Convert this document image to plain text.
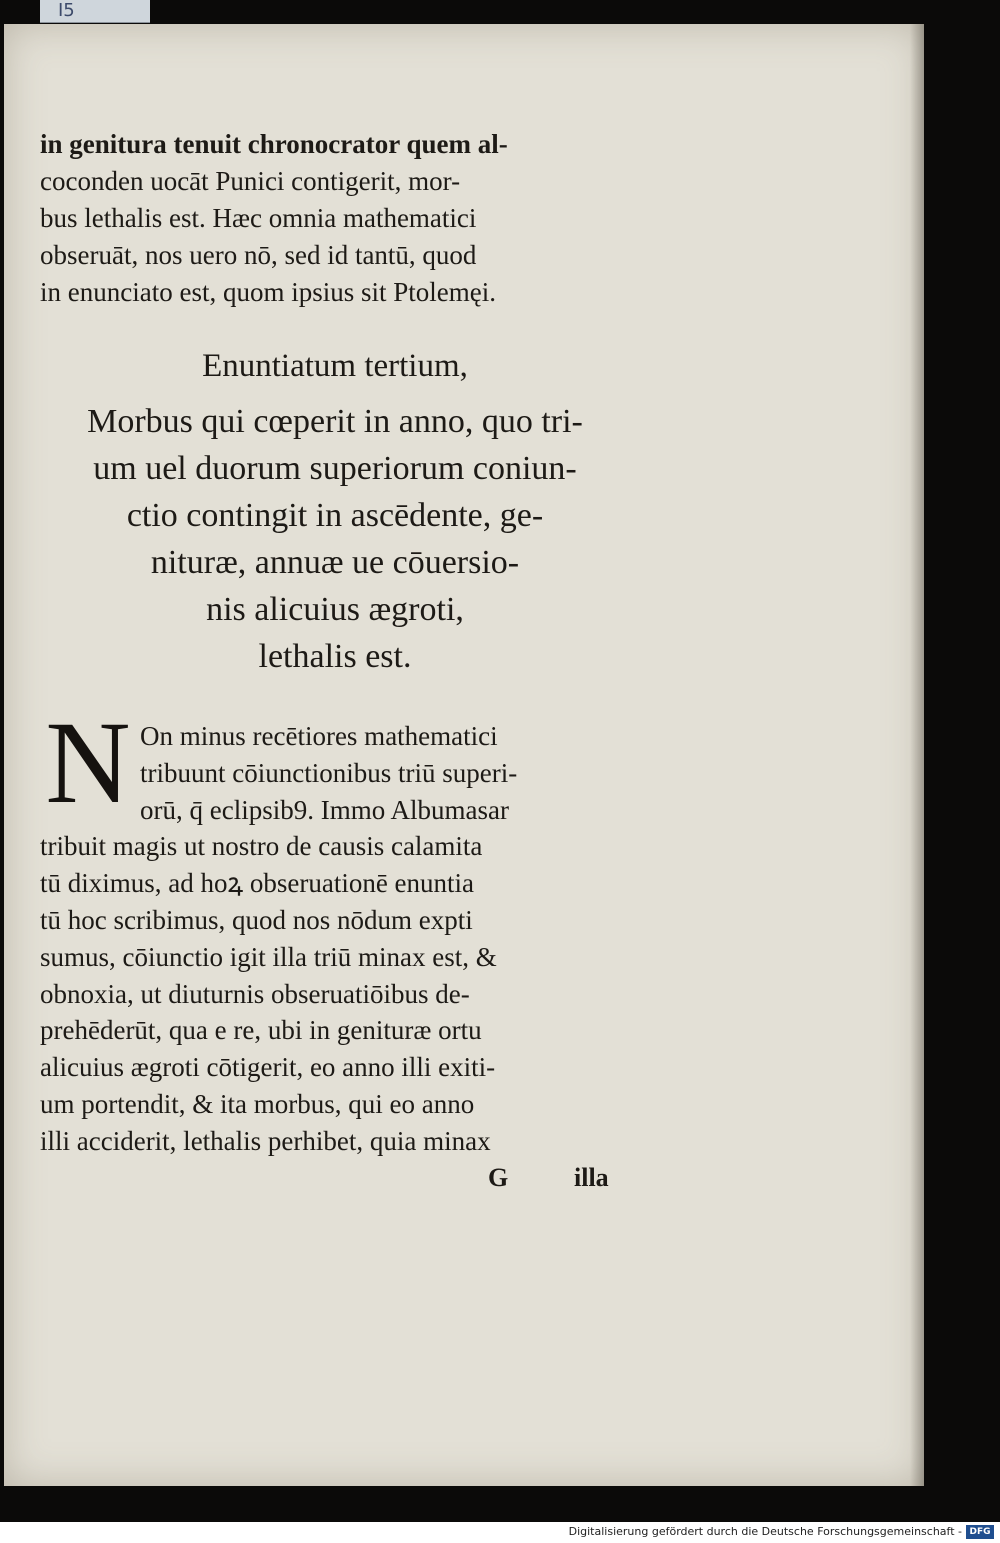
I5
in genitura tenuit chronocrator quem al-
coconden uocāt Punici contigerit, mor-
bus lethalis est. Hæc omnia mathematici
obseruāt, nos uero nō, sed id tantū, quod
in enunciato est, quom ipsius sit Ptolemęi.
Enuntiatum tertium,
Morbus qui cœperit in anno, quo tri-
um uel duorum superiorum coniun-
ctio contingit in ascēdente, ge-
nituræ, annuæ ue cōuersio-
nis alicuius ægroti,
lethalis est.
N On minus recētiores mathematici
tribuunt cōiunctionibus triū superi-
orū, q̄ eclipsib9. Immo Albumasar
tribuit magis ut nostro de causis calamita
tū diximus, ad hoꝝ obseruationē enuntia
tū hoc scribimus, quod nos nōdum expti
sumus, cōiunctio igit illa triū minax est, &
obnoxia, ut diuturnis obseruatiōibus de-
prehēderūt, qua e re, ubi in genituræ ortu
alicuius ægroti cōtigerit, eo anno illi exiti-
um portendit, & ita morbus, qui eo anno
illi acciderit, lethalis perhibet, quia minax
G	illa
Digitalisierung gefördert durch die Deutsche Forschungsgemeinschaft - DFG
